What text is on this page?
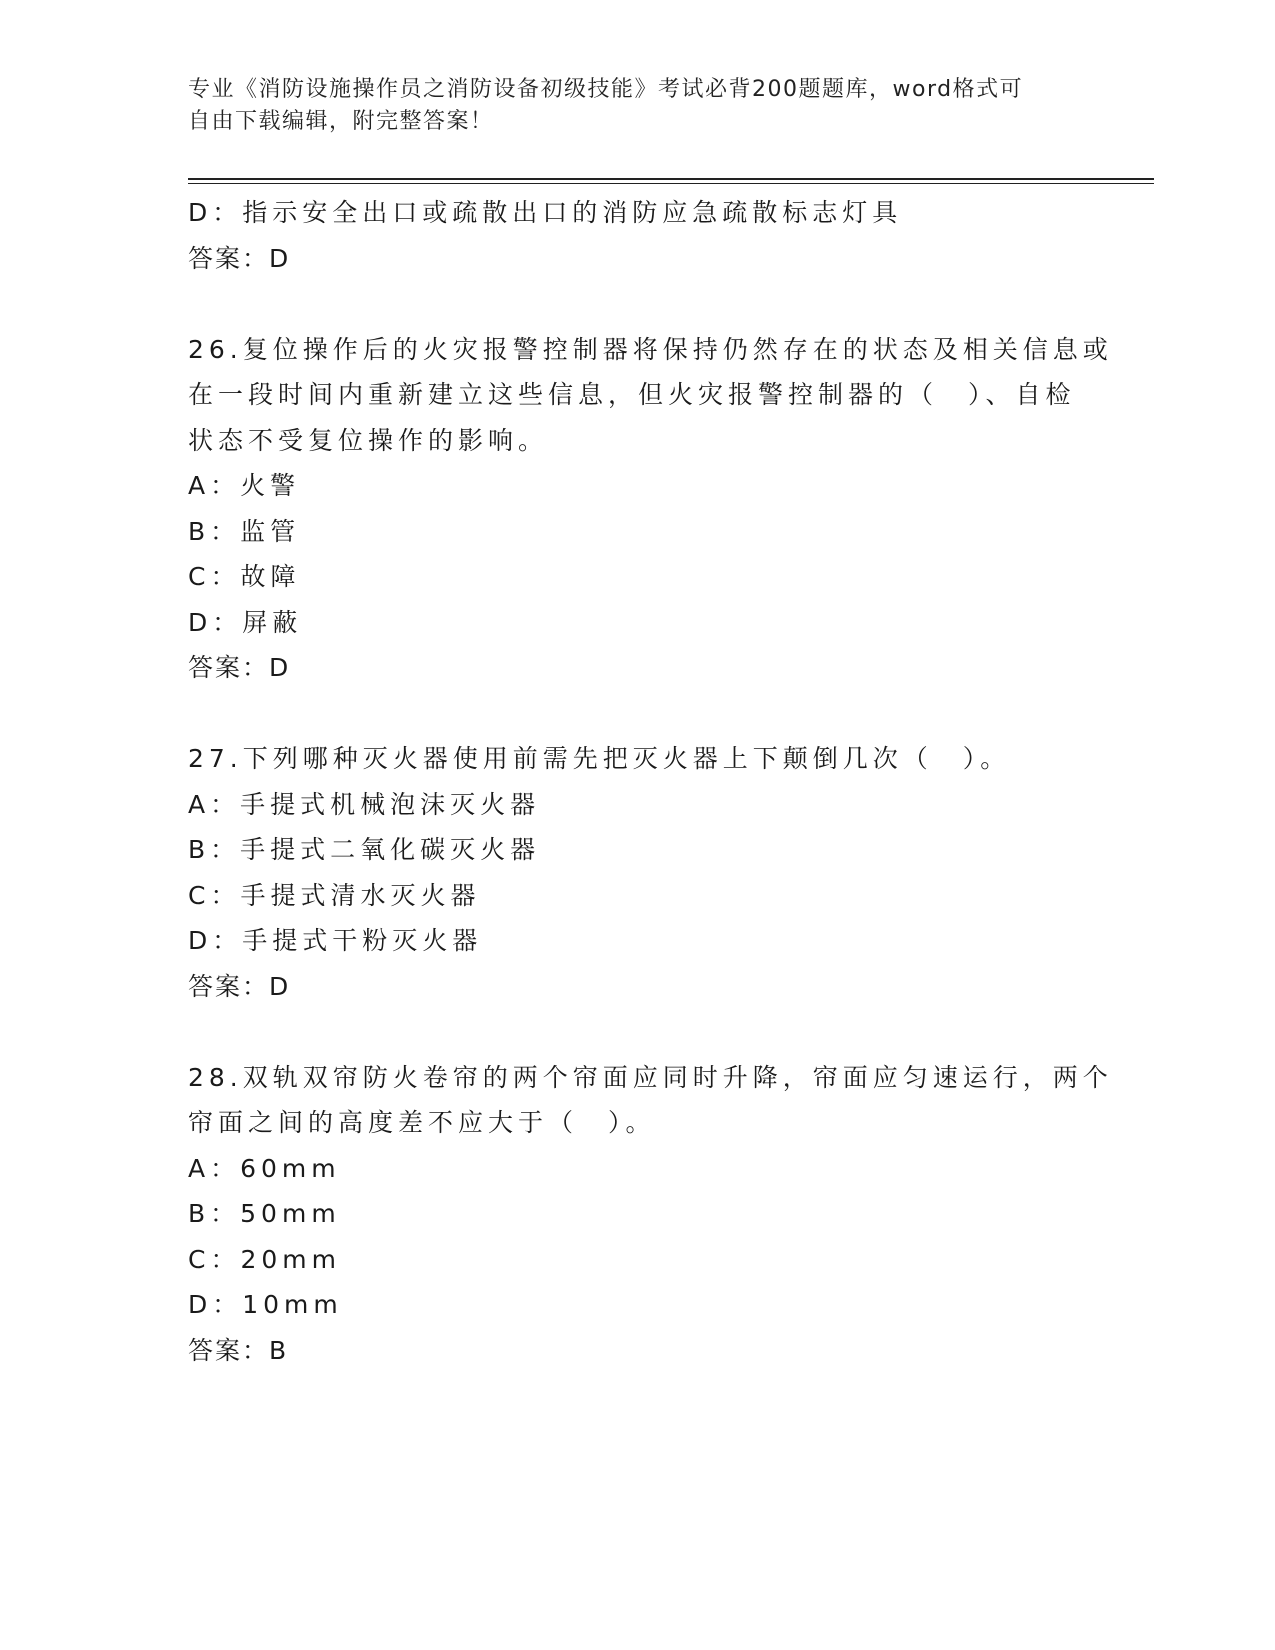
专业《消防设施操作员之消防设备初级技能》考试必背200题题库，word格式可
自由下载编辑，附完整答案！
D：指示安全出口或疏散出口的消防应急疏散标志灯具
答案：D
26.复位操作后的火灾报警控制器将保持仍然存在的状态及相关信息或
在一段时间内重新建立这些信息，但火灾报警控制器的（　）、自检
状态不受复位操作的影响。
A：火警
B：监管
C：故障
D：屏蔽
答案：D
27.下列哪种灭火器使用前需先把灭火器上下颠倒几次（　）。
A：手提式机械泡沫灭火器
B：手提式二氧化碳灭火器
C：手提式清水灭火器
D：手提式干粉灭火器
答案：D
28.双轨双帘防火卷帘的两个帘面应同时升降，帘面应匀速运行，两个
帘面之间的高度差不应大于（　）。
A：60mm
B：50mm
C：20mm
D：10mm
答案：B
